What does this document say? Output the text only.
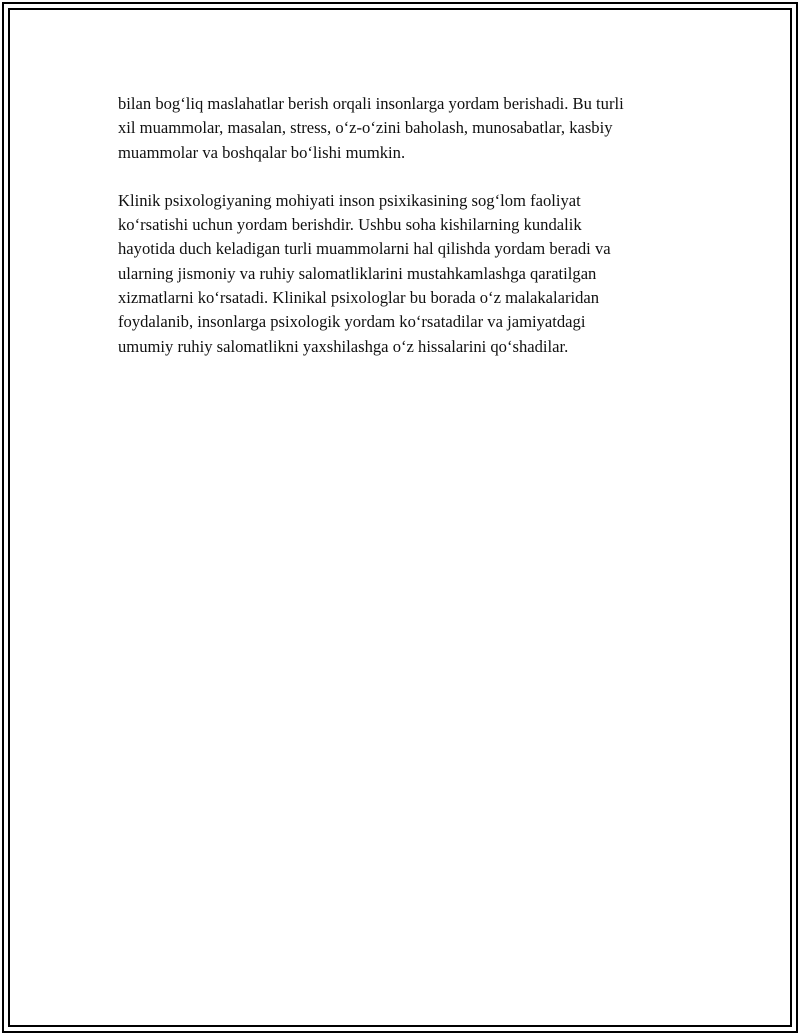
bilan bog‘liq maslahatlar berish orqali insonlarga yordam berishadi. Bu turli
xil muammolar, masalan, stress, o‘z-o‘zini baholash, munosabatlar, kasbiy
muammolar va boshqalar bo‘lishi mumkin.

Klinik psixologiyaning mohiyati inson psixikasining sog‘lom faoliyat
ko‘rsatishi uchun yordam berishdir. Ushbu soha kishilarning kundalik
hayotida duch keladigan turli muammolarni hal qilishda yordam beradi va
ularning jismoniy va ruhiy salomatliklarini mustahkamlashga qaratilgan
xizmatlarni ko‘rsatadi. Klinikal psixologlar bu borada o‘z malakalaridan
foydalanib, insonlarga psixologik yordam ko‘rsatadilar va jamiyatdagi
umumiy ruhiy salomatlikni yaxshilashga o‘z hissalarini qo‘shadilar.
